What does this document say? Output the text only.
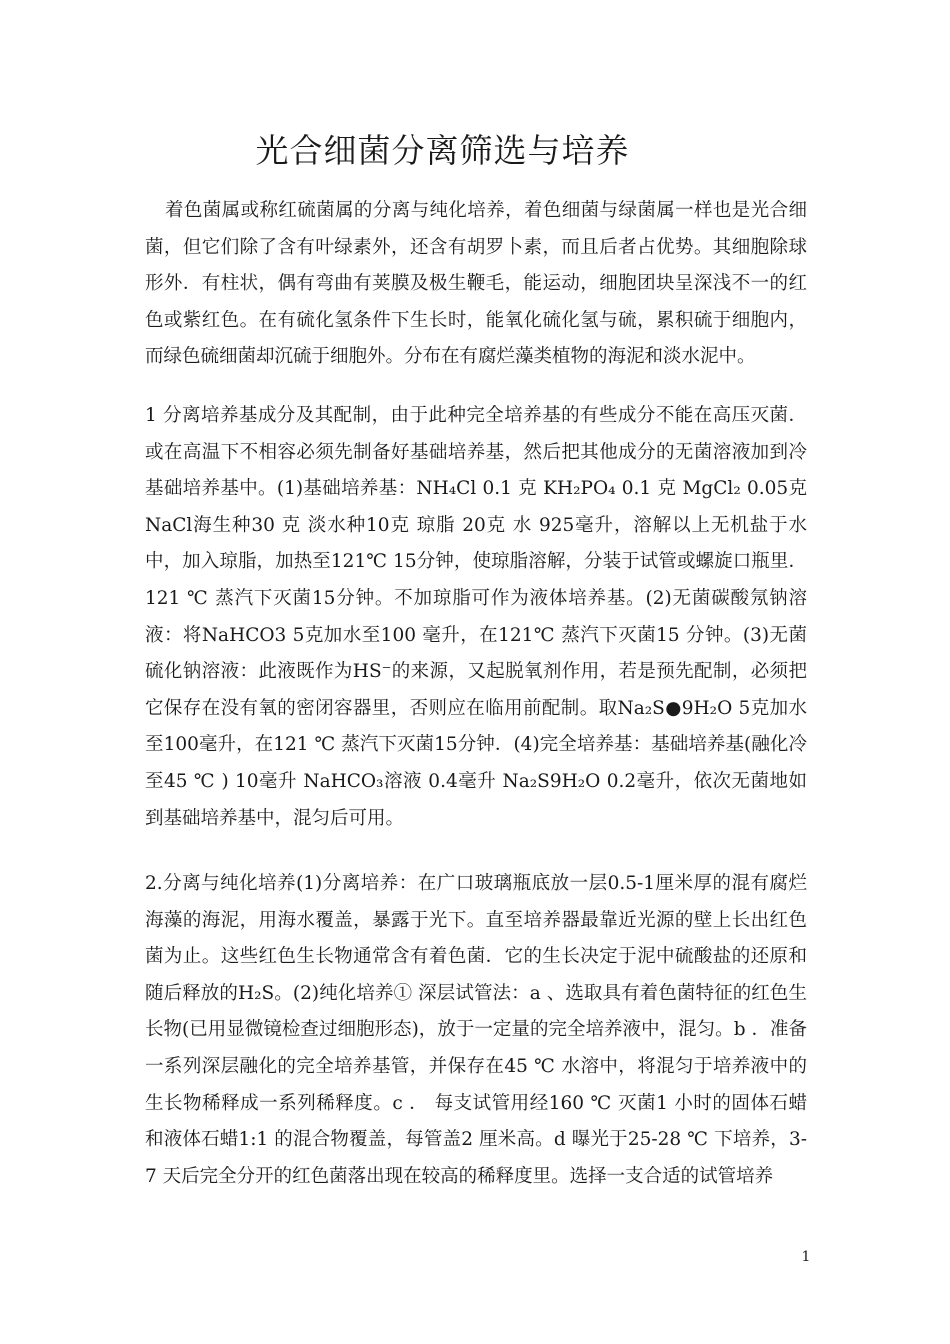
光合细菌分离筛选与培养

着色菌属或称红硫菌属的分离与纯化培养，着色细菌与绿菌属一样也是光合细菌，但它们除了含有叶绿素外，还含有胡罗卜素，而且后者占优势。其细胞除球形外．有柱状，偶有弯曲有荚膜及极生鞭毛，能运动，细胞团块呈深浅不一的红色或紫红色。在有硫化氢条件下生长时，能氧化硫化氢与硫，累积硫于细胞内，而绿色硫细菌却沉硫于细胞外。分布在有腐烂藻类植物的海泥和淡水泥中。

1 分离培养基成分及其配制，由于此种完全培养基的有些成分不能在高压灭菌．或在高温下不相容必须先制备好基础培养基，然后把其他成分的无菌溶液加到冷基础培养基中。(1)基础培养基：NH₄Cl 0.1 克 KH₂PO₄ 0.1 克 MgCl₂ 0.05克 NaCl海生种30 克 淡水种10克 琼脂 20克 水 925毫升，溶解以上无机盐于水中，加入琼脂，加热至121℃ 15分钟，使琼脂溶解，分装于试管或螺旋口瓶里．121 ℃ 蒸汽下灭菌15分钟。不加琼脂可作为液体培养基。(2)无菌碳酸氖钠溶液：将NaHCO3 5克加水至100 毫升，在121℃ 蒸汽下灭菌15 分钟。(3)无菌硫化钠溶液：此液既作为HS⁻的来源，又起脱氧剂作用，若是预先配制，必须把它保存在没有氧的密闭容器里，否则应在临用前配制。取Na₂S●9H₂O 5克加水至100毫升，在121 ℃ 蒸汽下灭菌15分钟．(4)完全培养基：基础培养基(融化冷至45 ℃ ) 10毫升 NaHCO₃溶液 0.4毫升 Na₂S9H₂O 0.2毫升，依次无菌地如到基础培养基中，混匀后可用。

2.分离与纯化培养(1)分离培养：在广口玻璃瓶底放一层0.5-1厘米厚的混有腐烂海藻的海泥，用海水覆盖，暴露于光下。直至培养器最靠近光源的壁上长出红色菌为止。这些红色生长物通常含有着色菌．它的生长决定于泥中硫酸盐的还原和随后释放的H₂S。(2)纯化培养① 深层试管法：a 、选取具有着色菌特征的红色生长物(已用显微镜检查过细胞形态)，放于一定量的完全培养液中，混匀。b ．准备一系列深层融化的完全培养基管，并保存在45 ℃ 水溶中，将混匀于培养液中的生长物稀释成一系列稀释度。c ． 每支试管用经160 ℃ 灭菌1 小时的固体石蜡和液体石蜡1:1 的混合物覆盖，每管盖2 厘米高。d 曝光于25-28 ℃ 下培养，3-7 天后完全分开的红色菌落出现在较高的稀释度里。选择一支合适的试管培养

1
